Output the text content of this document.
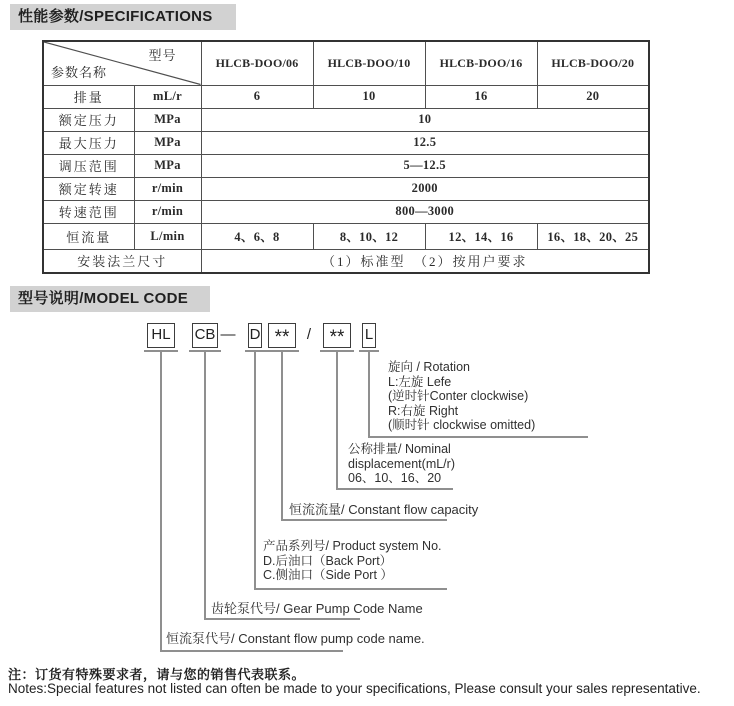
性能参数/SPECIFICATIONS
型号
参数名称		HLCB-DOO/06	HLCB-DOO/10	HLCB-DOO/16	HLCB-DOO/20
排量	mL/r	6	10	16	20
额定压力	MPa	10			
最大压力	MPa	12.5			
调压范围	MPa	5—12.5			
额定转速	r/min	2000			
转速范围	r/min	800—3000			
恒流量	L/min	4、6、8	8、10、12	12、14、16	16、18、20、25
安装法兰尺寸		（1）标准型　（2）按用户要求			
型号说明/MODEL CODE
HL CB — D **	/ **	L
旋向 / Rotation
L:左旋 Lefe
(逆时针Conter clockwise)
R:右旋 Right
(顺时针 clockwise omitted)
公称排量/ Nominal
displacement(mL/r)
06、10、16、20
恒流流量/ Constant flow capacity
产品系列号/ Product system No.
D.后油口（Back Port）
C.侧油口（Side Port ）
齿轮泵代号/ Gear Pump Code Name
恒流泵代号/ Constant flow pump code name.
注：订货有特殊要求者，请与您的销售代表联系。
Notes:Special features not listed can often be made to your specifications, Please consult your sales representative.
